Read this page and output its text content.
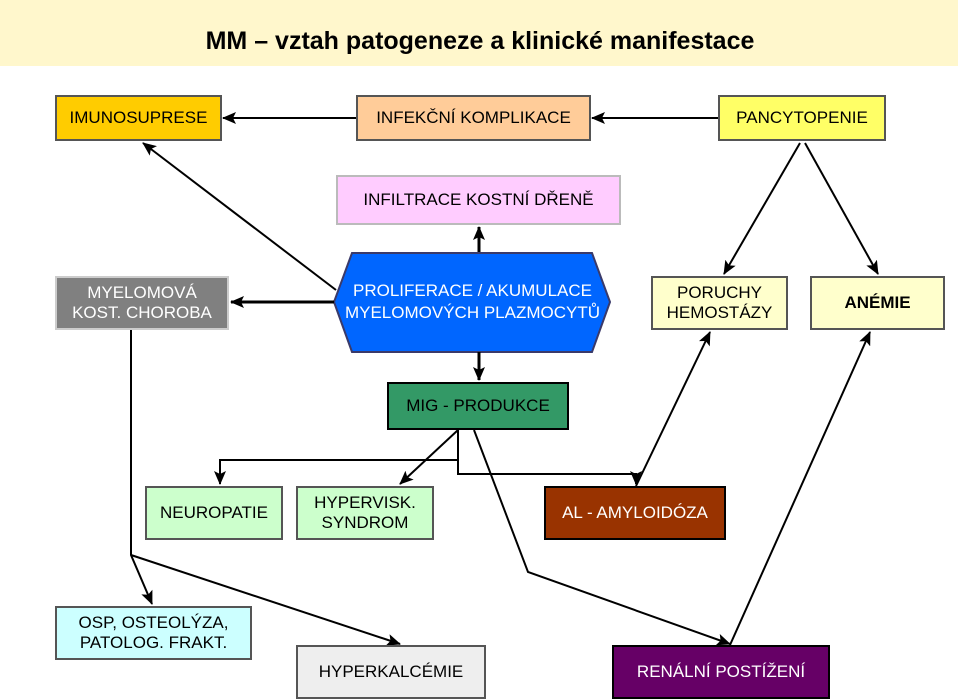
MM – vztah patogeneze a klinické manifestace
IMUNOSUPRESE	INFEKČNÍ KOMPLIKACE	PANCYTOPENIE
INFILTRACE KOSTNÍ DŘENĚ
MYELOMOVÁ
KOST. CHOROBA
PROLIFERACE / AKUMULACE
MYELOMOVÝCH PLAZMOCYTŮ
PORUCHY
HEMOSTÁZY
ANÉMIE
MIG - PRODUKCE
NEUROPATIE
HYPERVISK.
SYNDROM
AL - AMYLOIDÓZA
OSP, OSTEOLÝZA,
PATOLOG. FRAKT.
HYPERKALCÉMIE	RENÁLNÍ POSTÍŽENÍ
